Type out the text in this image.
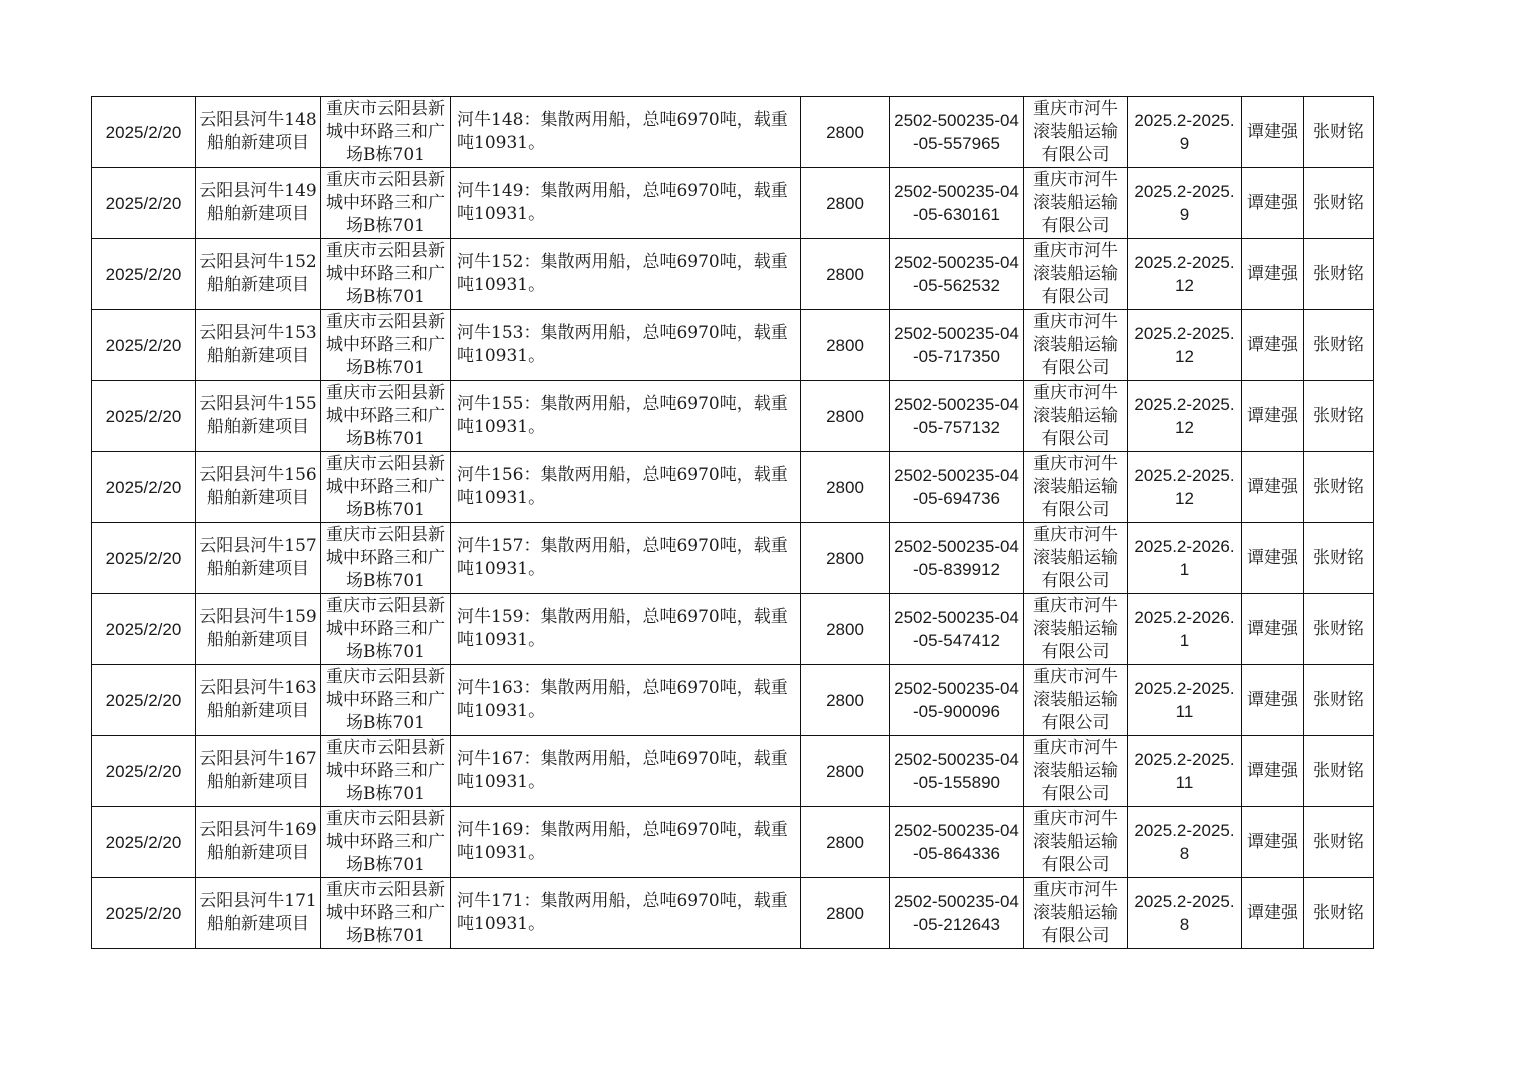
2025/2/20	云阳县河牛148船舶新建项目	重庆市云阳县新城中环路三和广场B栋701	河牛148：集散两用船，总吨6970吨，载重吨10931。	2800	2502-500235-04-05-557965	重庆市河牛滚装船运输有限公司	2025.2-2025.9	谭建强	张财铭
2025/2/20	云阳县河牛149船舶新建项目	重庆市云阳县新城中环路三和广场B栋701	河牛149：集散两用船，总吨6970吨，载重吨10931。	2800	2502-500235-04-05-630161	重庆市河牛滚装船运输有限公司	2025.2-2025.9	谭建强	张财铭
2025/2/20	云阳县河牛152船舶新建项目	重庆市云阳县新城中环路三和广场B栋701	河牛152：集散两用船，总吨6970吨，载重吨10931。	2800	2502-500235-04-05-562532	重庆市河牛滚装船运输有限公司	2025.2-2025.12	谭建强	张财铭
2025/2/20	云阳县河牛153船舶新建项目	重庆市云阳县新城中环路三和广场B栋701	河牛153：集散两用船，总吨6970吨，载重吨10931。	2800	2502-500235-04-05-717350	重庆市河牛滚装船运输有限公司	2025.2-2025.12	谭建强	张财铭
2025/2/20	云阳县河牛155船舶新建项目	重庆市云阳县新城中环路三和广场B栋701	河牛155：集散两用船，总吨6970吨，载重吨10931。	2800	2502-500235-04-05-757132	重庆市河牛滚装船运输有限公司	2025.2-2025.12	谭建强	张财铭
2025/2/20	云阳县河牛156船舶新建项目	重庆市云阳县新城中环路三和广场B栋701	河牛156：集散两用船，总吨6970吨，载重吨10931。	2800	2502-500235-04-05-694736	重庆市河牛滚装船运输有限公司	2025.2-2025.12	谭建强	张财铭
2025/2/20	云阳县河牛157船舶新建项目	重庆市云阳县新城中环路三和广场B栋701	河牛157：集散两用船，总吨6970吨，载重吨10931。	2800	2502-500235-04-05-839912	重庆市河牛滚装船运输有限公司	2025.2-2026.1	谭建强	张财铭
2025/2/20	云阳县河牛159船舶新建项目	重庆市云阳县新城中环路三和广场B栋701	河牛159：集散两用船，总吨6970吨，载重吨10931。	2800	2502-500235-04-05-547412	重庆市河牛滚装船运输有限公司	2025.2-2026.1	谭建强	张财铭
2025/2/20	云阳县河牛163船舶新建项目	重庆市云阳县新城中环路三和广场B栋701	河牛163：集散两用船，总吨6970吨，载重吨10931。	2800	2502-500235-04-05-900096	重庆市河牛滚装船运输有限公司	2025.2-2025.11	谭建强	张财铭
2025/2/20	云阳县河牛167船舶新建项目	重庆市云阳县新城中环路三和广场B栋701	河牛167：集散两用船，总吨6970吨，载重吨10931。	2800	2502-500235-04-05-155890	重庆市河牛滚装船运输有限公司	2025.2-2025.11	谭建强	张财铭
2025/2/20	云阳县河牛169船舶新建项目	重庆市云阳县新城中环路三和广场B栋701	河牛169：集散两用船，总吨6970吨，载重吨10931。	2800	2502-500235-04-05-864336	重庆市河牛滚装船运输有限公司	2025.2-2025.8	谭建强	张财铭
2025/2/20	云阳县河牛171船舶新建项目	重庆市云阳县新城中环路三和广场B栋701	河牛171：集散两用船，总吨6970吨，载重吨10931。	2800	2502-500235-04-05-212643	重庆市河牛滚装船运输有限公司	2025.2-2025.8	谭建强	张财铭
